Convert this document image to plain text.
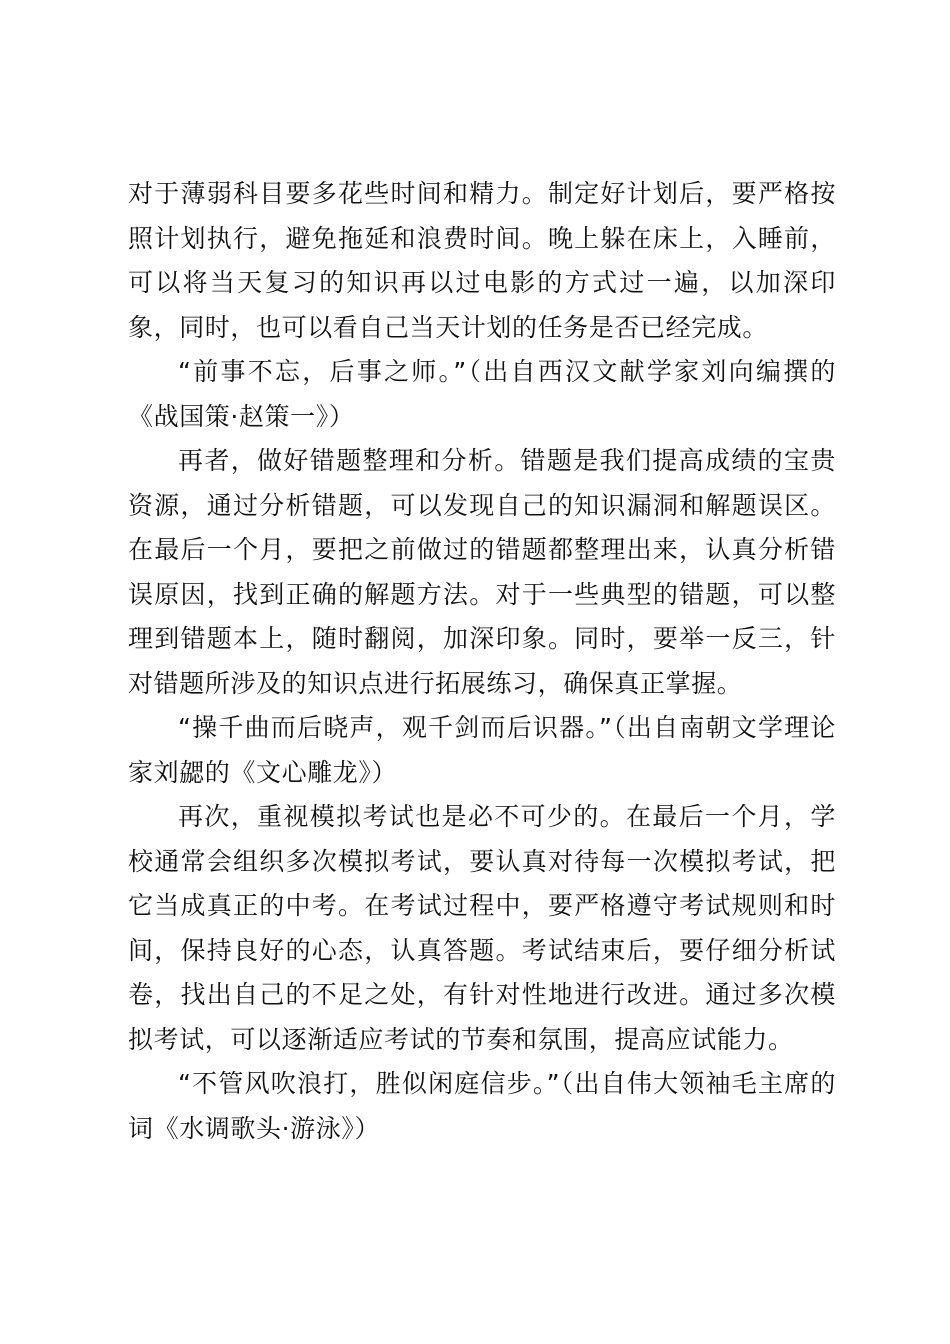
对于薄弱科目要多花些时间和精力。制定好计划后，要严格按照计划执行，避免拖延和浪费时间。晚上躲在床上，入睡前，可以将当天复习的知识再以过电影的方式过一遍，以加深印象，同时，也可以看自己当天计划的任务是否已经完成。

“前事不忘，后事之师。”（出自西汉文献学家刘向编撰的《战国策·赵策一》）

再者，做好错题整理和分析。错题是我们提高成绩的宝贵资源，通过分析错题，可以发现自己的知识漏洞和解题误区。在最后一个月，要把之前做过的错题都整理出来，认真分析错误原因，找到正确的解题方法。对于一些典型的错题，可以整理到错题本上，随时翻阅，加深印象。同时，要举一反三，针对错题所涉及的知识点进行拓展练习，确保真正掌握。

“操千曲而后晓声，观千剑而后识器。”（出自南朝文学理论家刘勰的《文心雕龙》）

再次，重视模拟考试也是必不可少的。在最后一个月，学校通常会组织多次模拟考试，要认真对待每一次模拟考试，把它当成真正的中考。在考试过程中，要严格遵守考试规则和时间，保持良好的心态，认真答题。考试结束后，要仔细分析试卷，找出自己的不足之处，有针对性地进行改进。通过多次模拟考试，可以逐渐适应考试的节奏和氛围，提高应试能力。

“不管风吹浪打，胜似闲庭信步。”（出自伟大领袖毛主席的词《水调歌头·游泳》）
